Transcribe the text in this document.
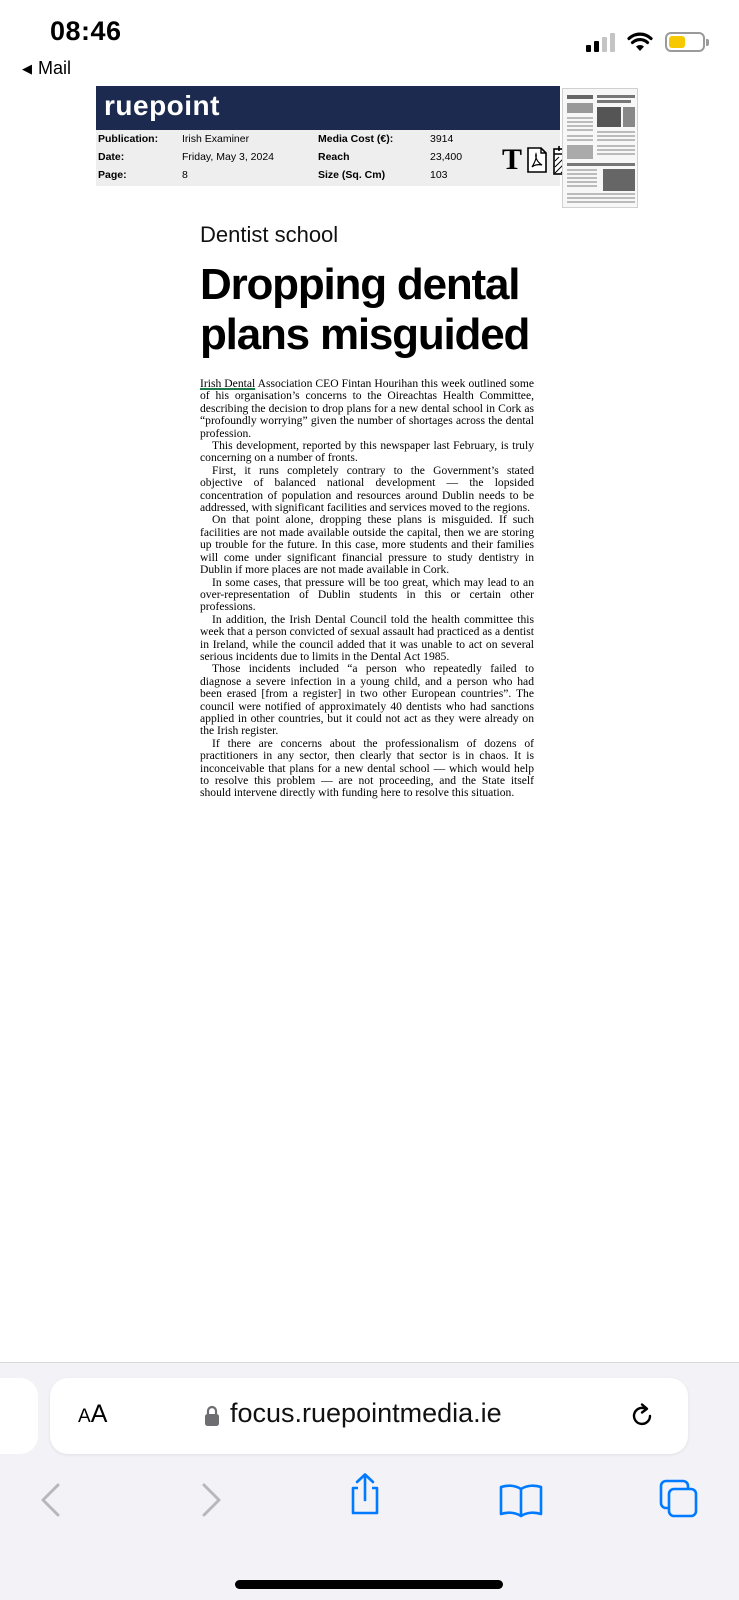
08:46
◀ Mail
ruepoint
Publication: Irish Examiner	Media Cost (€):	3914
Date:	Friday, May 3, 2024	Reach	23,400
Page:	8	Size (Sq. Cm)	103 T
Dentist school
Dropping dental plans misguided

Irish Dental Association CEO Fintan Hourihan this week outlined some of his organisation’s concerns to the Oireachtas Health Committee, describing the decision to drop plans for a new dental school in Cork as “profoundly worrying” given the number of shortages across the dental profession.

This development, reported by this newspaper last February, is truly concerning on a number of fronts.

First, it runs completely contrary to the Government’s stated objective of balanced national development — the lopsided concentration of population and resources around Dublin needs to be addressed, with significant facilities and services moved to the regions.

On that point alone, dropping these plans is misguided. If such facilities are not made available outside the capital, then we are storing up trouble for the future. In this case, more students and their families will come under significant financial pressure to study dentistry in Dublin if more places are not made available in Cork.

In some cases, that pressure will be too great, which may lead to an over-representation of Dublin students in this or certain other professions.

In addition, the Irish Dental Council told the health committee this week that a person convicted of sexual assault had practiced as a dentist in Ireland, while the council added that it was unable to act on several serious incidents due to limits in the Dental Act 1985.

Those incidents included “a person who repeatedly failed to diagnose a severe infection in a young child, and a person who had been erased [from a register] in two other European countries”. The council were notified of approximately 40 dentists who had sanctions applied in other countries, but it could not act as they were already on the Irish register.

If there are concerns about the professionalism of dozens of practitioners in any sector, then clearly that sector is in chaos. It is inconceivable that plans for a new dental school — which would help to resolve this problem — are not proceeding, and the State itself should intervene directly with funding here to resolve this situation.

A A	focus.ruepointmedia.ie
